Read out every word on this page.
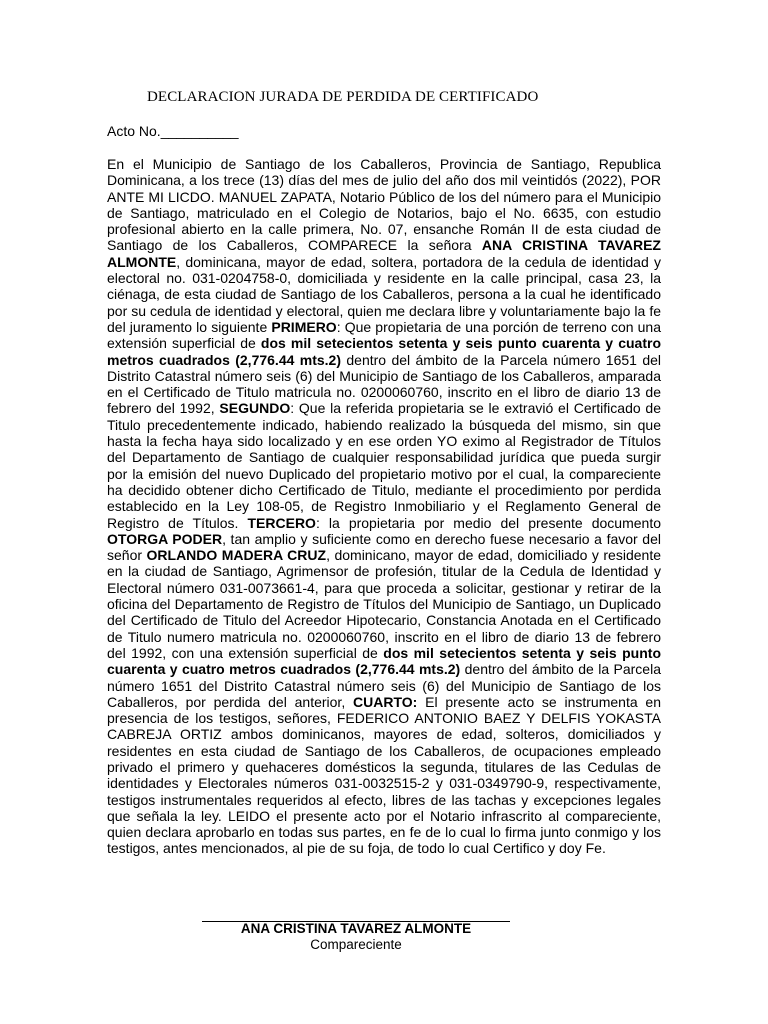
DECLARACION JURADA DE PERDIDA DE CERTIFICADO
Acto No.__________

En el Municipio de Santiago de los Caballeros, Provincia de Santiago, Republica Dominicana, a los trece (13) días del mes de julio del año dos mil veintidós (2022), POR ANTE MI LICDO. MANUEL ZAPATA, Notario Público de los del número para el Municipio de Santiago, matriculado en el Colegio de Notarios, bajo el No. 6635, con estudio profesional abierto en la calle primera, No. 07, ensanche Román II de esta ciudad de Santiago de los Caballeros, COMPARECE la señora ANA CRISTINA TAVAREZ ALMONTE, dominicana, mayor de edad, soltera, portadora de la cedula de identidad y electoral no. 031-0204758-0, domiciliada y residente en la calle principal, casa 23, la ciénaga, de esta ciudad de Santiago de los Caballeros, persona a la cual he identificado por su cedula de identidad y electoral, quien me declara libre y voluntariamente bajo la fe del juramento lo siguiente PRIMERO: Que propietaria de una porción de terreno con una extensión superficial de dos mil setecientos setenta y seis punto cuarenta y cuatro metros cuadrados (2,776.44 mts.2) dentro del ámbito de la Parcela número 1651 del Distrito Catastral número seis (6) del Municipio de Santiago de los Caballeros, amparada en el Certificado de Titulo matricula no. 0200060760, inscrito en el libro de diario 13 de febrero del 1992, SEGUNDO: Que la referida propietaria se le extravió el Certificado de Titulo precedentemente indicado, habiendo realizado la búsqueda del mismo, sin que hasta la fecha haya sido localizado y en ese orden YO eximo al Registrador de Títulos del Departamento de Santiago de cualquier responsabilidad jurídica que pueda surgir por la emisión del nuevo Duplicado del propietario motivo por el cual, la compareciente ha decidido obtener dicho Certificado de Titulo, mediante el procedimiento por perdida establecido en la Ley 108-05, de Registro Inmobiliario y el Reglamento General de Registro de Títulos. TERCERO: la propietaria por medio del presente documento OTORGA PODER, tan amplio y suficiente como en derecho fuese necesario a favor del señor ORLANDO MADERA CRUZ, dominicano, mayor de edad, domiciliado y residente en la ciudad de Santiago, Agrimensor de profesión, titular de la Cedula de Identidad y Electoral número 031-0073661-4, para que proceda a solicitar, gestionar y retirar de la oficina del Departamento de Registro de Títulos del Municipio de Santiago, un Duplicado del Certificado de Titulo del Acreedor Hipotecario, Constancia Anotada en el Certificado de Titulo numero matricula no. 0200060760, inscrito en el libro de diario 13 de febrero del 1992, con una extensión superficial de dos mil setecientos setenta y seis punto cuarenta y cuatro metros cuadrados (2,776.44 mts.2) dentro del ámbito de la Parcela número 1651 del Distrito Catastral número seis (6) del Municipio de Santiago de los Caballeros, por perdida del anterior, CUARTO: El presente acto se instrumenta en presencia de los testigos, señores, FEDERICO ANTONIO BAEZ Y DELFIS YOKASTA CABREJA ORTIZ ambos dominicanos, mayores de edad, solteros, domiciliados y residentes en esta ciudad de Santiago de los Caballeros, de ocupaciones empleado privado el primero y quehaceres domésticos la segunda, titulares de las Cedulas de identidades y Electorales números 031-0032515-2 y 031-0349790-9, respectivamente, testigos instrumentales requeridos al efecto, libres de las tachas y excepciones legales que señala la ley. LEIDO el presente acto por el Notario infrascrito al compareciente, quien declara aprobarlo en todas sus partes, en fe de lo cual lo firma junto conmigo y los testigos, antes mencionados, al pie de su foja, de todo lo cual Certifico y doy Fe.

ANA CRISTINA TAVAREZ ALMONTE
Compareciente
